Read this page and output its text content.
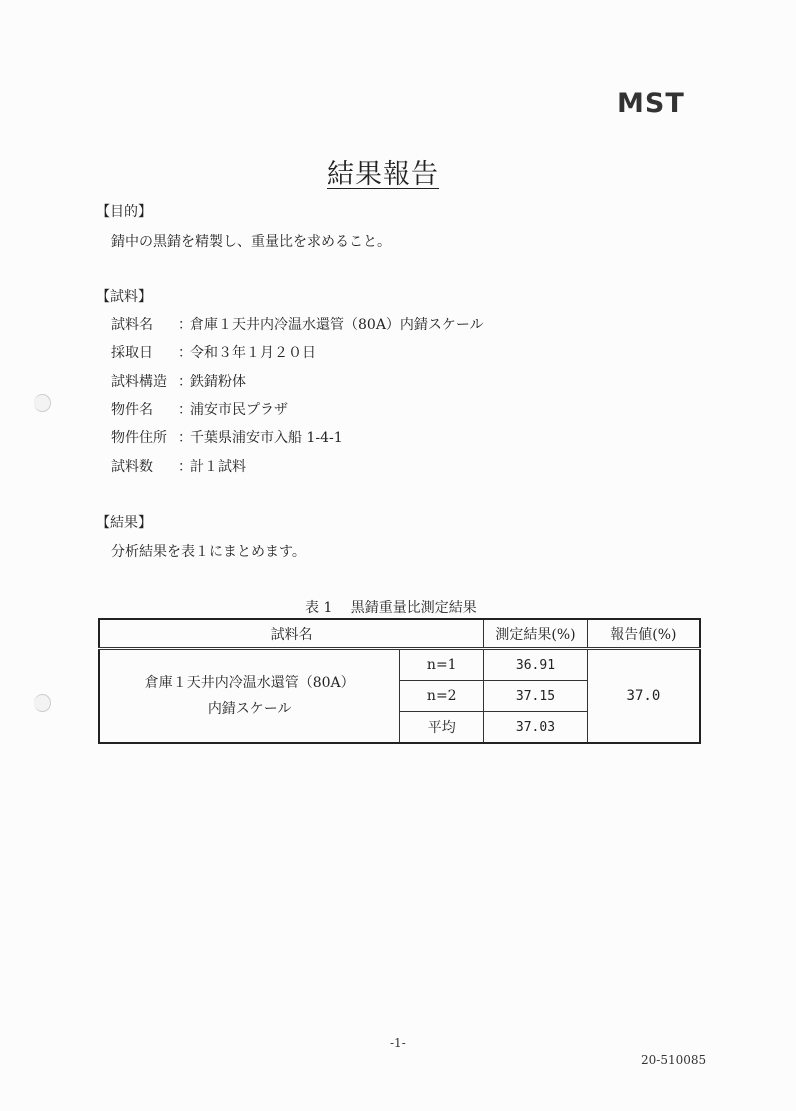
MST
結果報告
【目的】
錆中の黒錆を精製し、重量比を求めること。
【試料】
試料名 ：倉庫１天井内冷温水還管（80A）内錆スケール
採取日 ：令和３年１月２０日
試料構造 ：鉄錆粉体
物件名 ：浦安市民プラザ
物件住所 ：千葉県浦安市入船 1-4-1
試料数 ：計１試料
【結果】
分析結果を表１にまとめます。
表 1　 黒錆重量比測定結果
試料名		測定結果(%)	報告値(%)

倉庫１天井内冷温水還管（80A）
内錆スケール	n=1	36.91	37.0
	n=2	37.15	
	平均	37.03	
-1-
20-510085
